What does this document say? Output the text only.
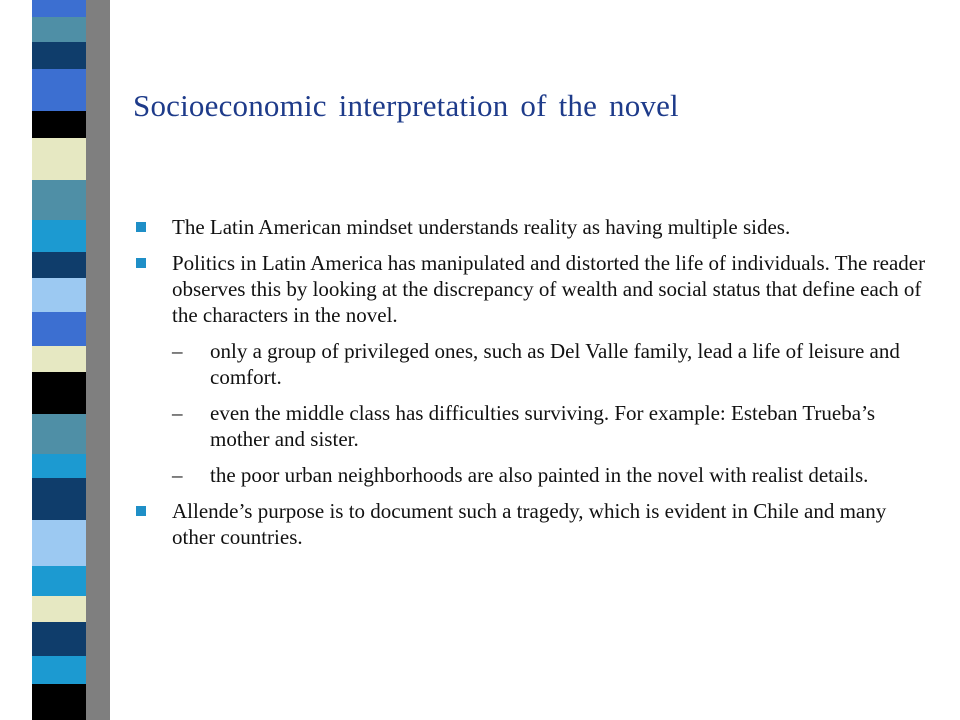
Socioeconomic interpretation of the novel
The Latin American mindset understands reality as having multiple sides.
Politics in Latin America has manipulated and distorted the life of individuals. The reader observes this by looking at the discrepancy of wealth and social status that define each of the characters in the novel.
– only a group of privileged ones, such as Del Valle family, lead a life of leisure and comfort.
– even the middle class has difficulties surviving. For example: Esteban Trueba’s mother and sister.
– the poor urban neighborhoods are also painted in the novel with realist details.
Allende’s purpose is to document such a tragedy, which is evident in Chile and many other countries.
